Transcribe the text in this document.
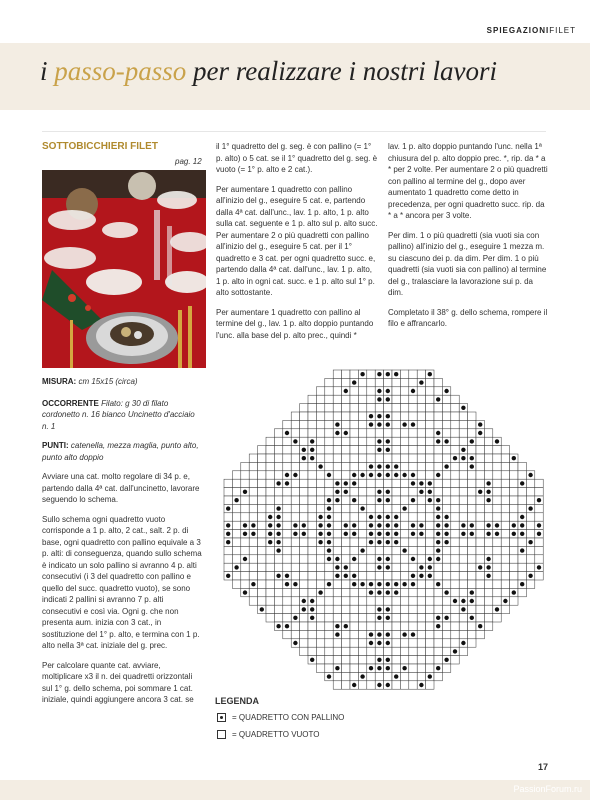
SPIEGAZIONIFILET
i passo-passo per realizzare i nostri lavori
SOTTOBICCHIERI FILET
pag. 12

MISURA: cm 15x15 (circa)

OCCORRENTE Filato: g 30 di filato cordonetto n. 16 bianco Uncinetto d'acciaio n. 1

PUNTI: catenella, mezza maglia, punto alto, punto alto doppio

Avviare una cat. molto regolare di 34 p. e, partendo dalla 4ª cat. dall'uncinetto, lavorare seguendo lo schema.

Sullo schema ogni quadretto vuoto corrisponde a 1 p. alto, 2 cat., salt. 2 p. di base, ogni quadretto con pallino equivale a 3 p. alti: di conseguenza, quando sullo schema è indicato un solo pallino si avranno 4 p. alti consecutivi (i 3 del quadretto con pallino e quello del succ. quadretto vuoto), se sono indicati 2 pallini si avranno 7 p. alti consecutivi e così via. Ogni g. che non presenta aum. inizia con 3 cat., in sostituzione del 1° p. alto, e termina con 1 p. alto nella 3ª cat. iniziale del g. prec.

Per calcolare quante cat. avviare, moltiplicare x3 il n. dei quadretti orizzontali sul 1° g. dello schema, poi sommare 1 cat. iniziale, quindi aggiungere ancora 3 cat. se

il 1° quadretto del g. seg. è con pallino (= 1° p. alto) o 5 cat. se il 1° quadretto del g. seg. è vuoto (= 1° p. alto e 2 cat.).

Per aumentare 1 quadretto con pallino all'inizio del g., eseguire 5 cat. e, partendo dalla 4ª cat. dall'unc., lav. 1 p. alto, 1 p. alto sulla cat. seguente e 1 p. alto sul p. alto succ. Per aumentare 2 o più quadretti con pallino all'inizio del g., eseguire 5 cat. per il 1° quadretto e 3 cat. per ogni quadretto succ. e, partendo dalla 4ª cat. dall'unc., lav. 1 p. alto, 1 p. alto in ogni cat. succ. e 1 p. alto sul 1° p. alto sottostante.

Per aumentare 1 quadretto con pallino al termine del g., lav. 1 p. alto doppio puntando l'unc. alla base del p. alto prec., quindi *

lav. 1 p. alto doppio puntando l'unc. nella 1ª chiusura del p. alto doppio prec. *, rip. da * a * per 2 volte. Per aumentare 2 o più quadretti con pallino al termine del g., dopo aver aumentato 1 quadretto come detto in precedenza, per ogni quadretto succ. rip. da * a * ancora per 3 volte.

Per dim. 1 o più quadretti (sia vuoti sia con pallino) all'inizio del g., eseguire 1 mezza m. su ciascuno dei p. da dim. Per dim. 1 o più quadretti (sia vuoti sia con pallino) al termine del g., tralasciare la lavorazione sui p. da dim.

Completato il 38° g. dello schema, rompere il filo e affrancarlo.

LEGENDA
= QUADRETTO CON PALLINO
= QUADRETTO VUOTO
17
PassionForum.ru
